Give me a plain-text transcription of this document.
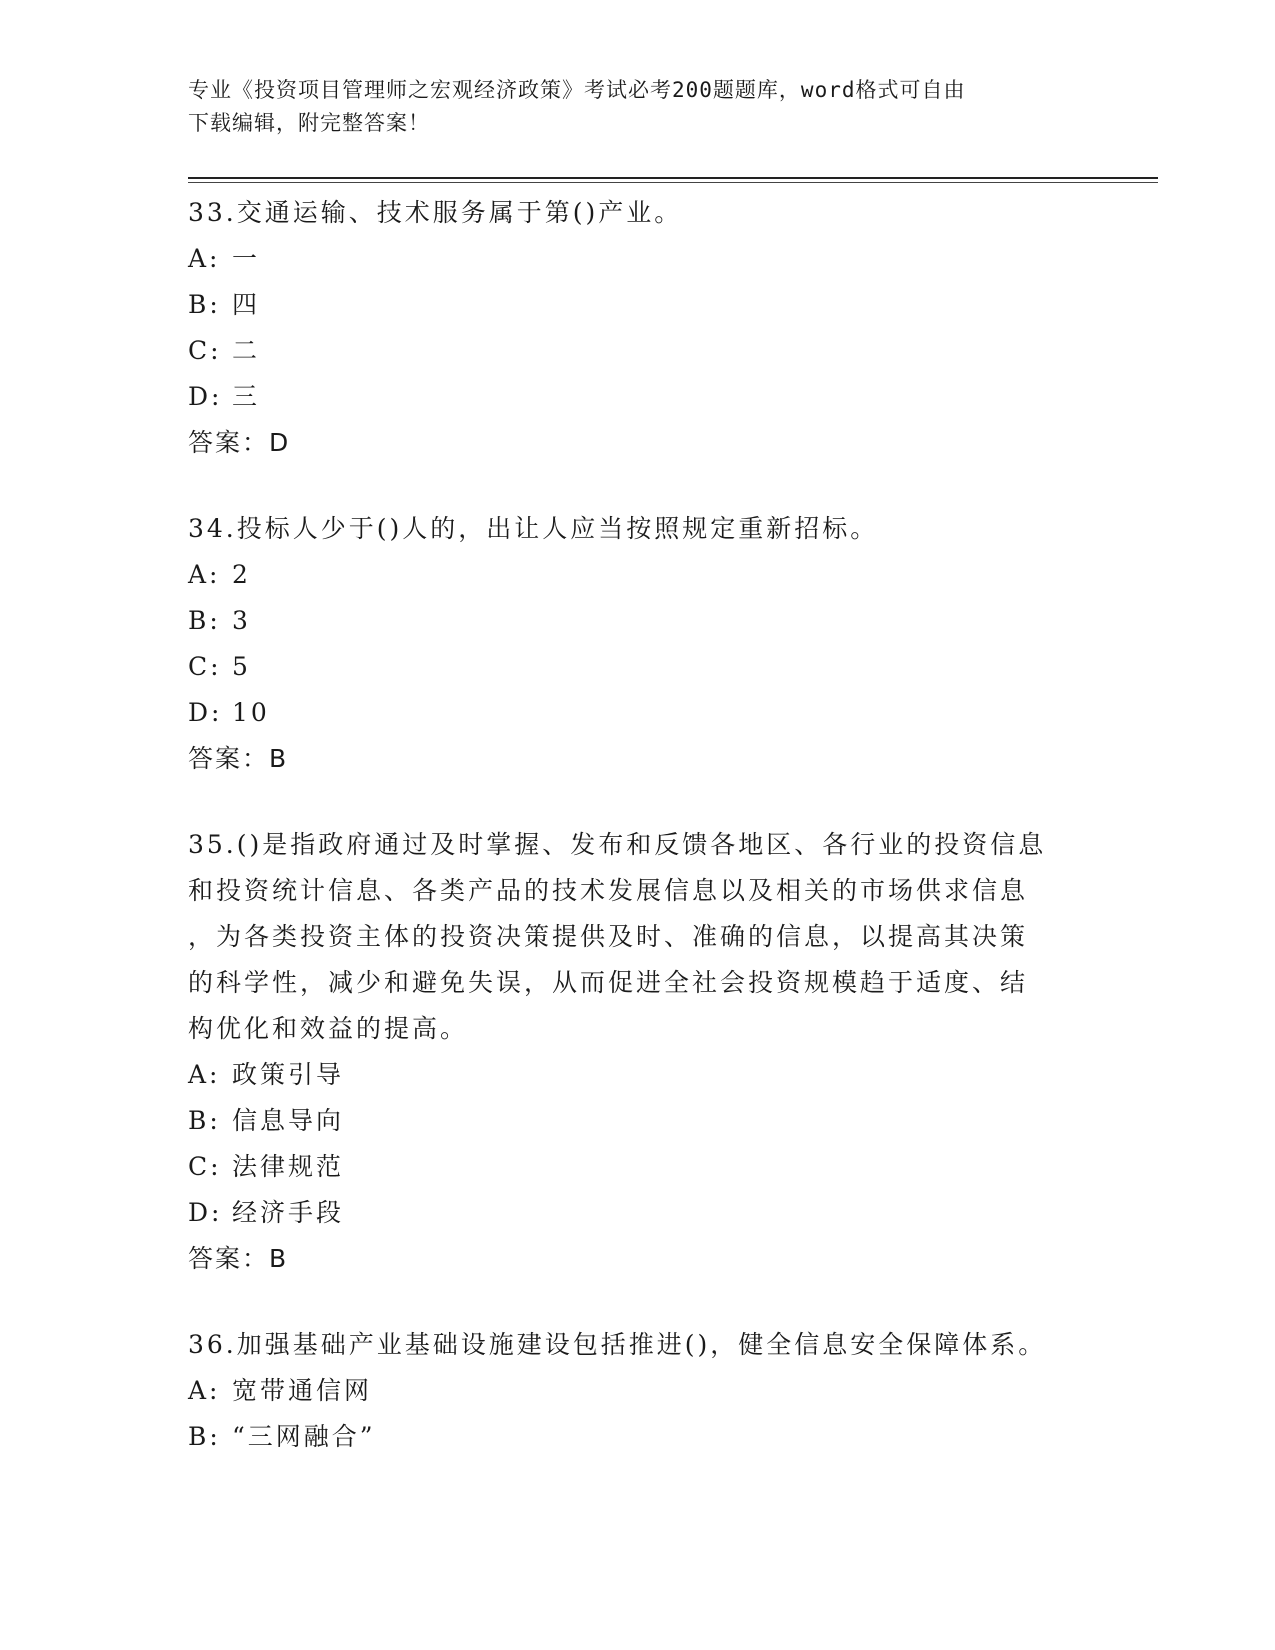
专业《投资项目管理师之宏观经济政策》考试必考200题题库，word格式可自由
下载编辑，附完整答案！

33.交通运输、技术服务属于第()产业。

A: 一

B: 四

C: 二

D: 三

答案：D

34.投标人少于()人的，出让人应当按照规定重新招标。

A: 2

B: 3

C: 5

D: 10

答案：B

35.()是指政府通过及时掌握、发布和反馈各地区、各行业的投资信息

和投资统计信息、各类产品的技术发展信息以及相关的市场供求信息

，为各类投资主体的投资决策提供及时、准确的信息，以提高其决策

的科学性，减少和避免失误，从而促进全社会投资规模趋于适度、结

构优化和效益的提高。

A: 政策引导

B: 信息导向

C: 法律规范

D: 经济手段

答案：B

36.加强基础产业基础设施建设包括推进()，健全信息安全保障体系。

A: 宽带通信网

B: “三网融合”
